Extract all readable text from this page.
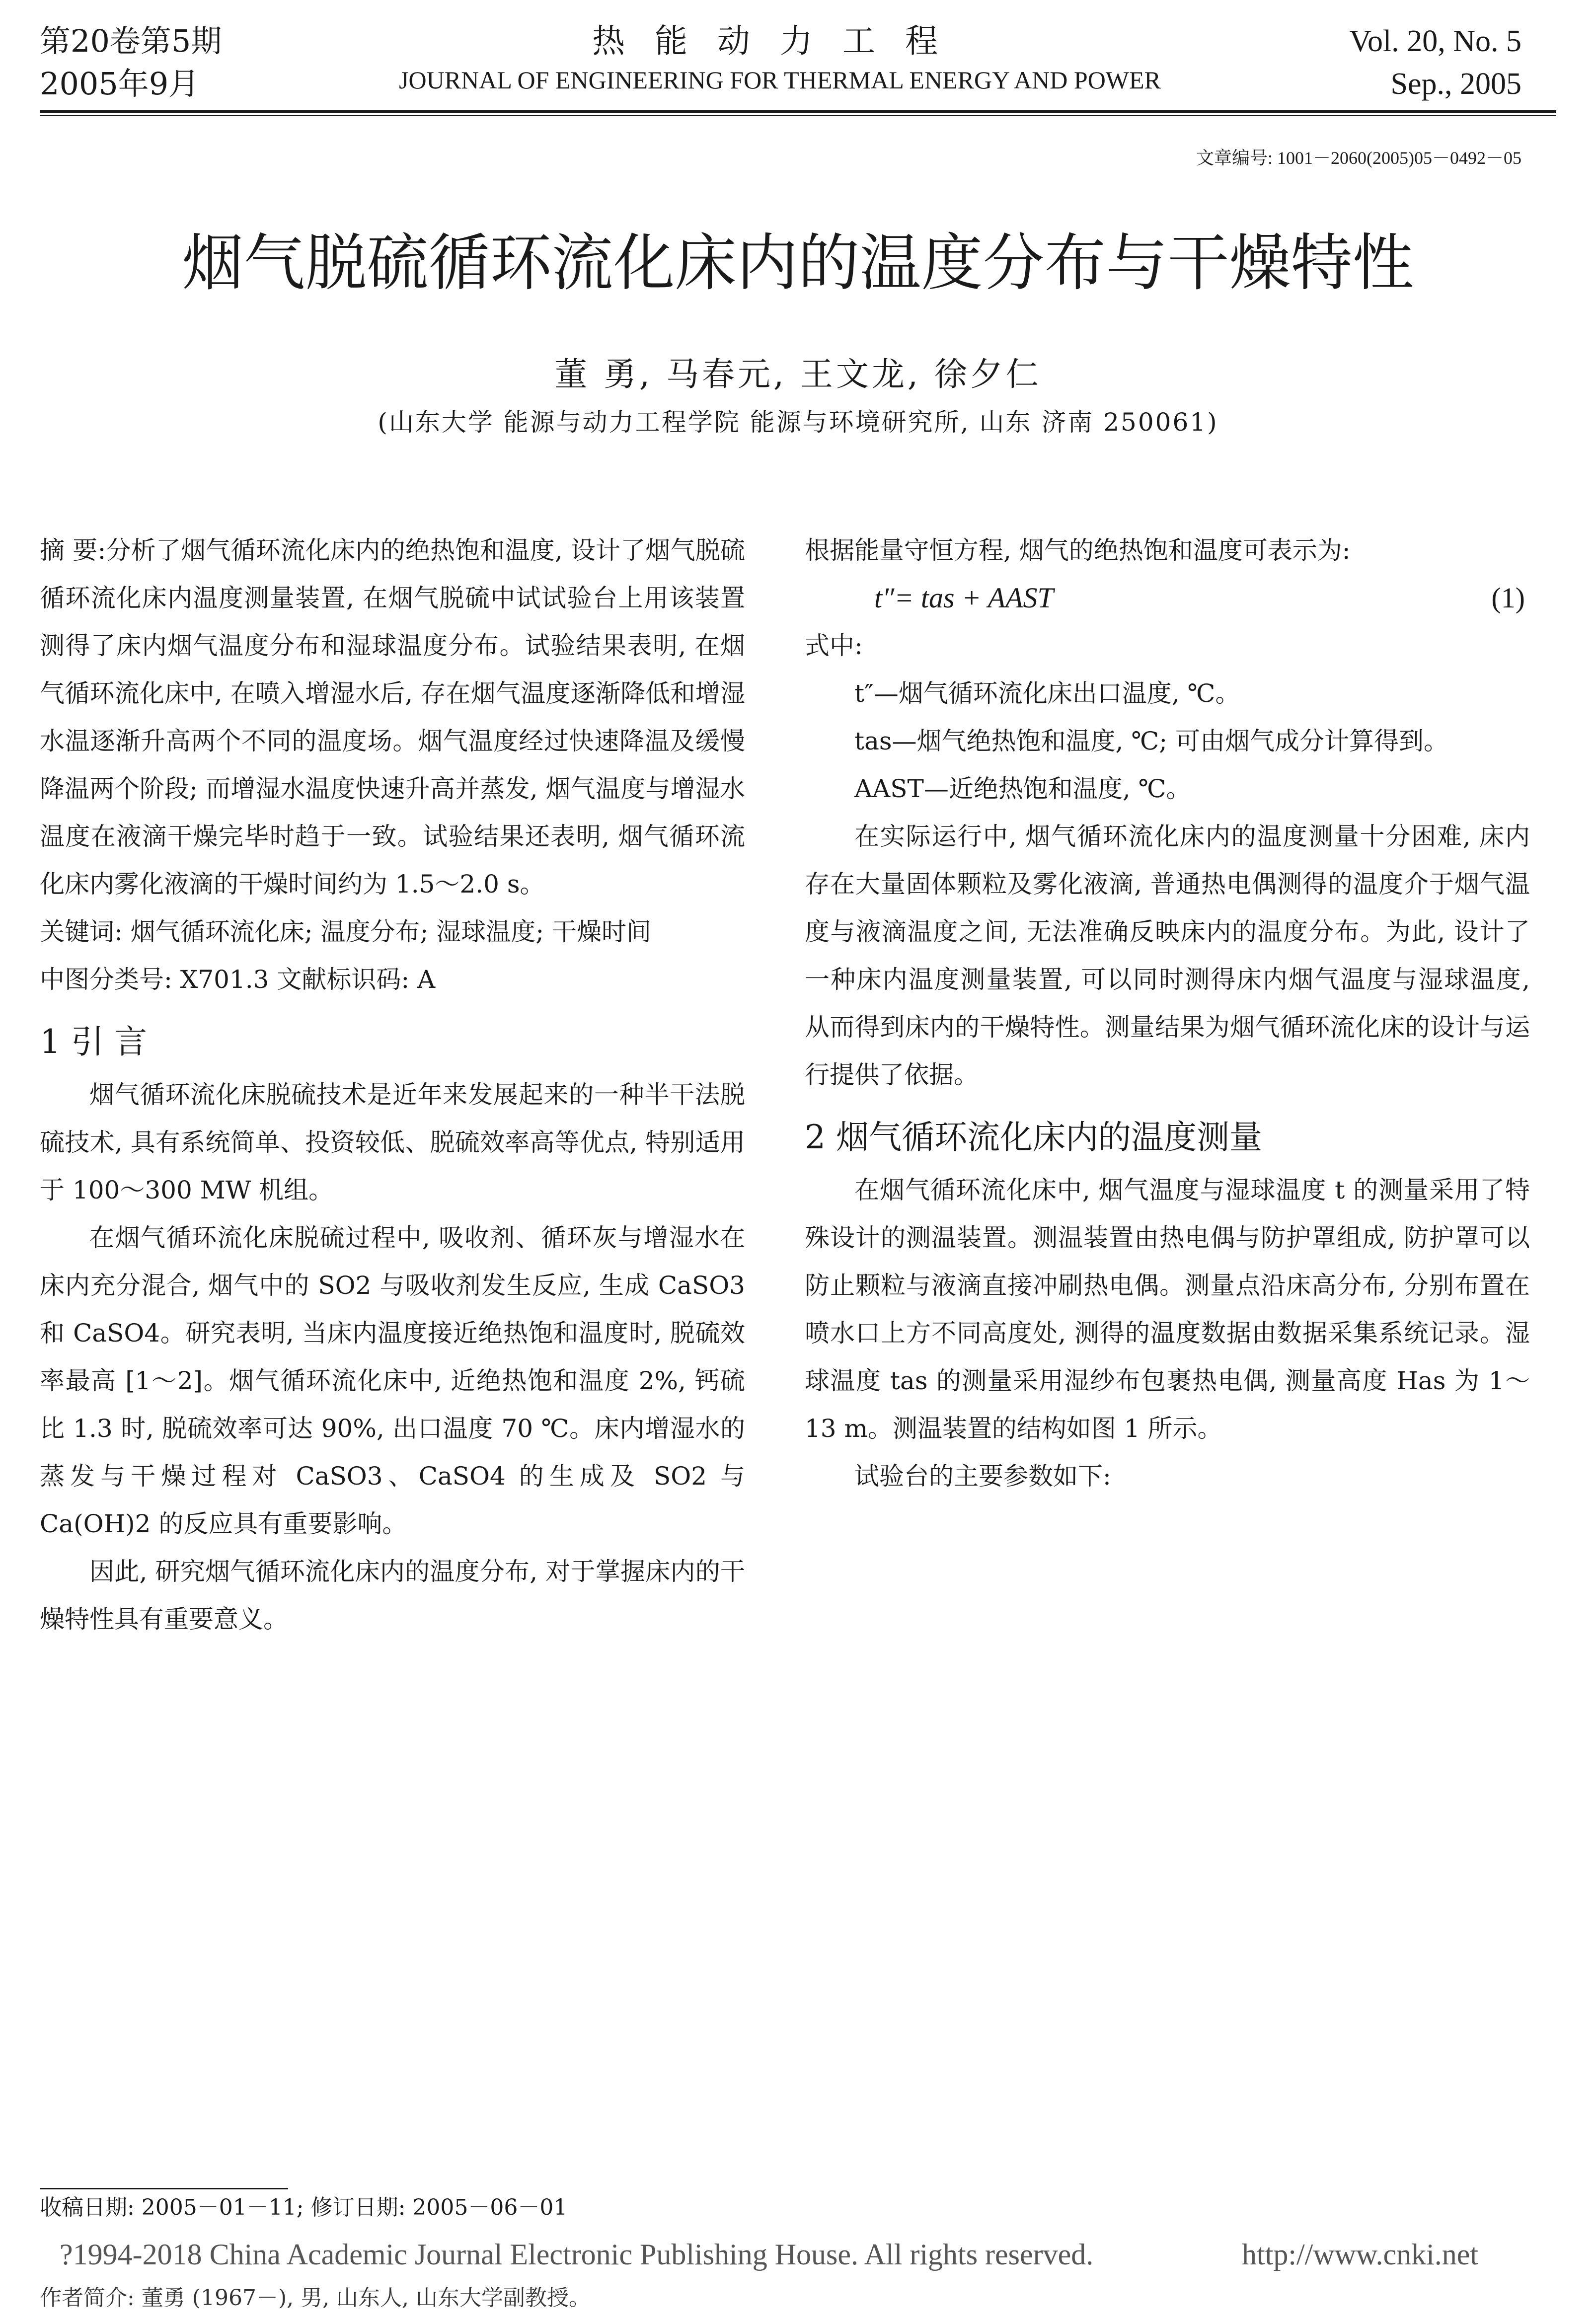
第20卷第5期
2005年9月
热能动力工程
JOURNAL OF ENGINEERING FOR THERMAL ENERGY AND POWER
Vol. 20, No. 5
Sep., 2005
文章编号: 1001－2060(2005)05－0492－05
烟气脱硫循环流化床内的温度分布与干燥特性
董 勇, 马春元, 王文龙, 徐夕仁
(山东大学 能源与动力工程学院 能源与环境研究所, 山东 济南 250061)

摘 要:分析了烟气循环流化床内的绝热饱和温度, 设计了烟气脱硫循环流化床内温度测量装置, 在烟气脱硫中试试验台上用该装置测得了床内烟气温度分布和湿球温度分布。试验结果表明, 在烟气循环流化床中, 在喷入增湿水后, 存在烟气温度逐渐降低和增湿水温逐渐升高两个不同的温度场。烟气温度经过快速降温及缓慢降温两个阶段; 而增湿水温度快速升高并蒸发, 烟气温度与增湿水温度在液滴干燥完毕时趋于一致。试验结果还表明, 烟气循环流化床内雾化液滴的干燥时间约为 1.5～2.0 s。

关键词: 烟气循环流化床; 温度分布; 湿球温度; 干燥时间

中图分类号: X701.3 文献标识码: A

1 引 言

烟气循环流化床脱硫技术是近年来发展起来的一种半干法脱硫技术, 具有系统简单、投资较低、脱硫效率高等优点, 特别适用于 100～300 MW 机组。

在烟气循环流化床脱硫过程中, 吸收剂、循环灰与增湿水在床内充分混合, 烟气中的 SO2 与吸收剂发生反应, 生成 CaSO3 和 CaSO4。研究表明, 当床内温度接近绝热饱和温度时, 脱硫效率最高 [1～2]。烟气循环流化床中, 近绝热饱和温度 2%, 钙硫比 1.3 时, 脱硫效率可达 90%, 出口温度 70 ℃。床内增湿水的蒸发与干燥过程对 CaSO3、CaSO4 的生成及 SO2 与 Ca(OH)2 的反应具有重要影响。

因此, 研究烟气循环流化床内的温度分布, 对于掌握床内的干燥特性具有重要意义。

根据能量守恒方程, 烟气的绝热饱和温度可表示为:

t″= tas + AAST	(1)

式中:

t″—烟气循环流化床出口温度, ℃。

tas—烟气绝热饱和温度, ℃; 可由烟气成分计算得到。

AAST—近绝热饱和温度, ℃。

在实际运行中, 烟气循环流化床内的温度测量十分困难, 床内存在大量固体颗粒及雾化液滴, 普通热电偶测得的温度介于烟气温度与液滴温度之间, 无法准确反映床内的温度分布。为此, 设计了一种床内温度测量装置, 可以同时测得床内烟气温度与湿球温度, 从而得到床内的干燥特性。测量结果为烟气循环流化床的设计与运行提供了依据。

2 烟气循环流化床内的温度测量

在烟气循环流化床中, 烟气温度与湿球温度 t 的测量采用了特殊设计的测温装置。测温装置由热电偶与防护罩组成, 防护罩可以防止颗粒与液滴直接冲刷热电偶。测量点沿床高分布, 分别布置在喷水口上方不同高度处, 测得的温度数据由数据采集系统记录。湿球温度 tas 的测量采用湿纱布包裹热电偶, 测量高度 Has 为 1～13 m。测温装置的结构如图 1 所示。

试验台的主要参数如下:

收稿日期: 2005－01－11; 修订日期: 2005－06－01
?1994-2018 China Academic Journal Electronic Publishing House. All rights reserved.	http://www.cnki.net
作者简介: 董勇 (1967－), 男, 山东人, 山东大学副教授。
